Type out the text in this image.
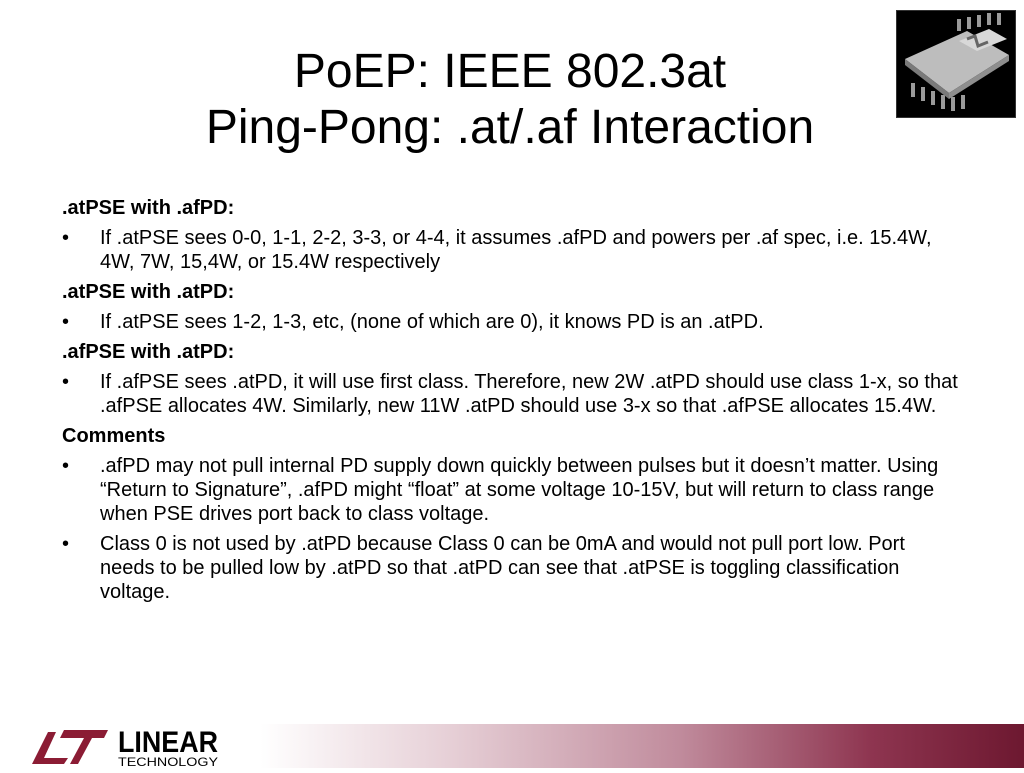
PoEP: IEEE 802.3at
Ping-Pong: .at/.af Interaction
.atPSE with .afPD:
• If .atPSE sees 0-0, 1-1, 2-2, 3-3, or 4-4, it assumes .afPD and powers per .af spec, i.e. 15.4W, 4W, 7W, 15,4W, or 15.4W respectively
.atPSE with .atPD:
• If .atPSE sees 1-2, 1-3, etc, (none of which are 0), it knows PD is an .atPD.
.afPSE with .atPD:
• If .afPSE sees .atPD, it will use first class. Therefore, new 2W .atPD should use class 1-x, so that .afPSE allocates 4W. Similarly, new 11W .atPD should use 3-x so that .afPSE allocates 15.4W.
Comments
• .afPD may not pull internal PD supply down quickly between pulses but it doesn’t matter. Using “Return to Signature”, .afPD might “float” at some voltage 10-15V, but will return to class range when PSE drives port back to class voltage.
• Class 0 is not used by .atPD because Class 0 can be 0mA and would not pull port low. Port needs to be pulled low by .atPD so that .atPD can see that .atPSE is toggling classification voltage.
LINEAR
TECHNOLOGY
